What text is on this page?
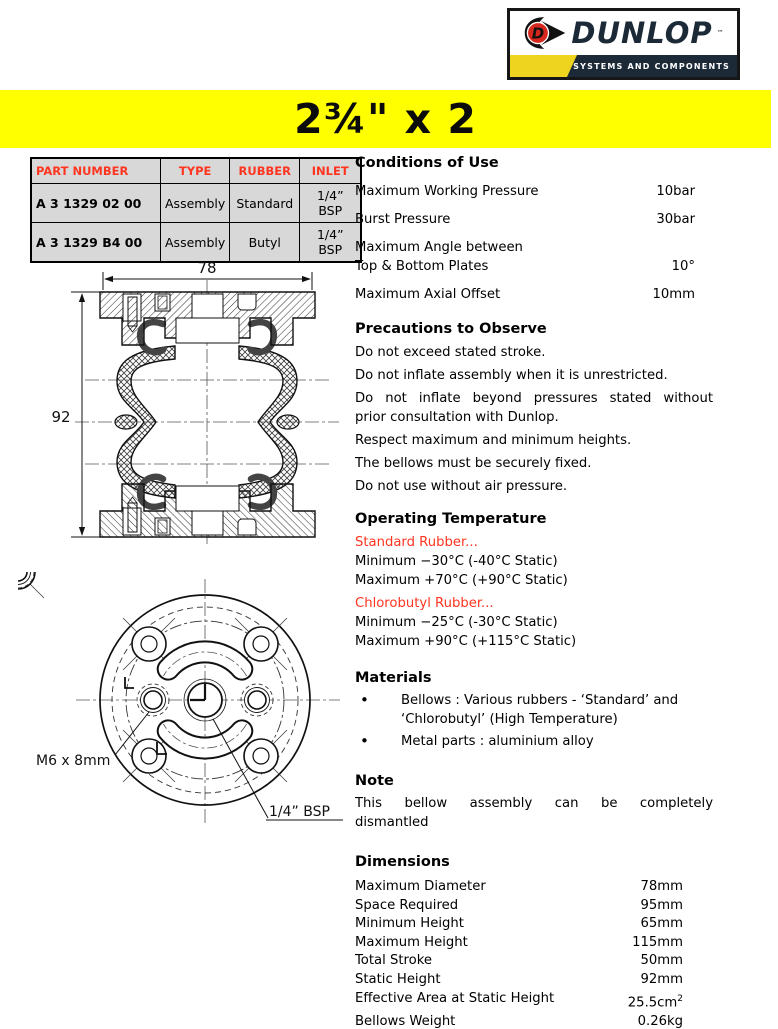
D DUNLOP ™
SYSTEMS AND COMPONENTS
2¾" x 2
PART NUMBER	TYPE	RUBBER	INLET
A 3 1329 02 00	Assembly	Standard	1/4” BSP
A 3 1329 B4 00	Assembly	Butyl	1/4” BSP
78
92
M6 x 8mm
1/4” BSP

Conditions of Use

Maximum Working Pressure	10bar
Burst Pressure	30bar
Maximum Angle between
Top & Bottom Plates	10°
Maximum Axial Offset	10mm

Precautions to Observe

Do not exceed stated stroke.
Do not inflate assembly when it is unrestricted.
Do not inflate beyond pressures stated without
prior consultation with Dunlop.
Respect maximum and minimum heights.
The bellows must be securely fixed.
Do not use without air pressure.

Operating Temperature

Standard Rubber...
Minimum −30°C (-40°C Static)
Maximum +70°C (+90°C Static)
Chlorobutyl Rubber...
Minimum −25°C (-30°C Static)
Maximum +90°C (+115°C Static)

Materials

•
Bellows : Various rubbers - ‘Standard’ and
‘Chlorobutyl’ (High Temperature)
•
Metal parts : aluminium alloy

Note

This bellow assembly can be completely
dismantled

Dimensions

Maximum Diameter	78mm
Space Required	95mm
Minimum Height	65mm
Maximum Height	115mm
Total Stroke	50mm
Static Height	92mm
Effective Area at Static Height	$25.5cm^2$
Bellows Weight	0.26kg
